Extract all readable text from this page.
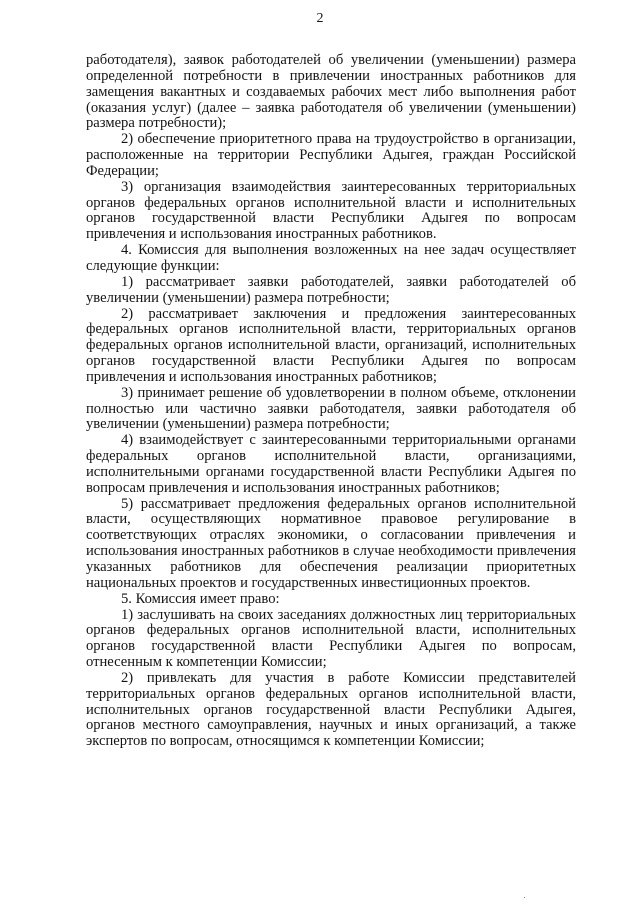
2

работодателя), заявок работодателей об увеличении (уменьшении) размера определенной потребности в привлечении иностранных работников для замещения вакантных и создаваемых рабочих мест либо выполнения работ (оказания услуг) (далее – заявка работодателя об увеличении (уменьшении) размера потребности);

2) обеспечение приоритетного права на трудоустройство в организации, расположенные на территории Республики Адыгея, граждан Российской Федерации;

3) организация взаимодействия заинтересованных территориальных органов федеральных органов исполнительной власти и исполнительных органов государственной власти Республики Адыгея по вопросам привлечения и использования иностранных работников.

4. Комиссия для выполнения возложенных на нее задач осуществляет следующие функции:

1) рассматривает заявки работодателей, заявки работодателей об увеличении (уменьшении) размера потребности;

2) рассматривает заключения и предложения заинтересованных федеральных органов исполнительной власти, территориальных органов федеральных органов исполнительной власти, организаций, исполнительных органов государственной власти Республики Адыгея по вопросам привлечения и использования иностранных работников;

3) принимает решение об удовлетворении в полном объеме, отклонении полностью или частично заявки работодателя, заявки работодателя об увеличении (уменьшении) размера потребности;

4) взаимодействует с заинтересованными территориальными органами федеральных органов исполнительной власти, организациями, исполнительными органами государственной власти Республики Адыгея по вопросам привлечения и использования иностранных работников;

5) рассматривает предложения федеральных органов исполнительной власти, осуществляющих нормативное правовое регулирование в соответствующих отраслях экономики, о согласовании привлечения и использования иностранных работников в случае необходимости привлечения указанных работников для обеспечения реализации приоритетных национальных проектов и государственных инвестиционных проектов.

5. Комиссия имеет право:

1) заслушивать на своих заседаниях должностных лиц территориальных органов федеральных органов исполнительной власти, исполнительных органов государственной власти Республики Адыгея по вопросам, отнесенным к компетенции Комиссии;

2) привлекать для участия в работе Комиссии представителей территориальных органов федеральных органов исполнительной власти, исполнительных органов государственной власти Республики Адыгея, органов местного самоуправления, научных и иных организаций, а также экспертов по вопросам, относящимся к компетенции Комиссии;
